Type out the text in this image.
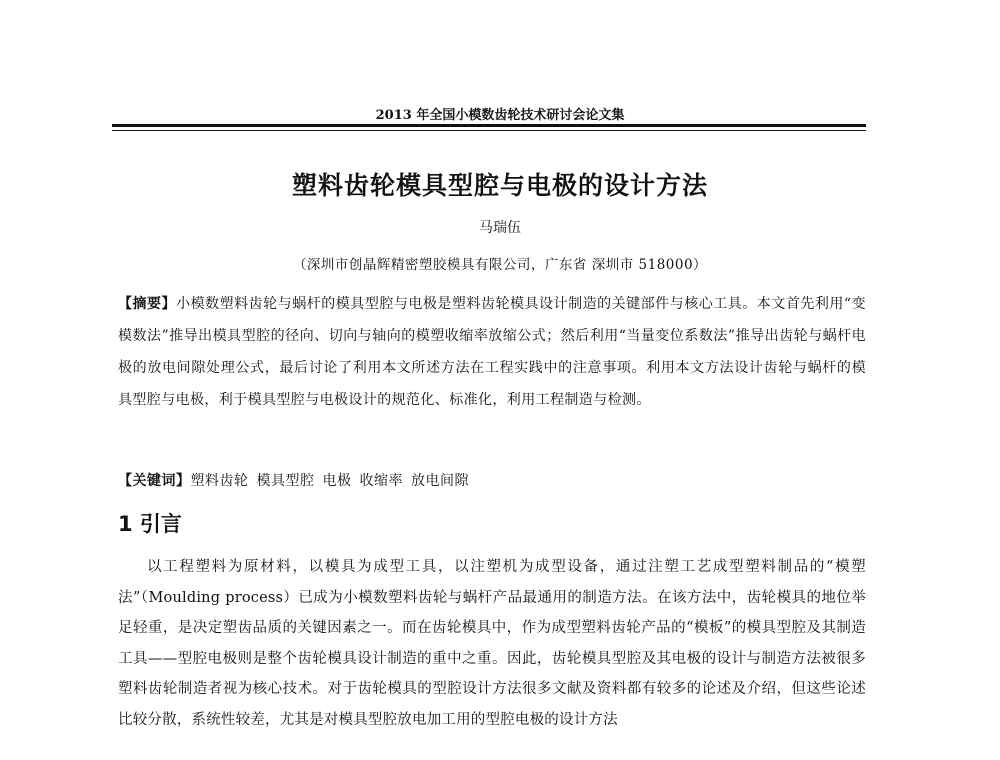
2013 年全国小模数齿轮技术研讨会论文集
塑料齿轮模具型腔与电极的设计方法
马瑞伍
（深圳市创晶辉精密塑胶模具有限公司，广东省 深圳市 518000）
【摘要】小模数塑料齿轮与蜗杆的模具型腔与电极是塑料齿轮模具设计制造的关键部件与核心工具。本文首先利用“变模数法”推导出模具型腔的径向、切向与轴向的模塑收缩率放缩公式；然后利用“当量变位系数法”推导出齿轮与蜗杆电极的放电间隙处理公式，最后讨论了利用本文所述方法在工程实践中的注意事项。利用本文方法设计齿轮与蜗杆的模具型腔与电极，利于模具型腔与电极设计的规范化、标准化，利用工程制造与检测。
【关键词】塑料齿轮 模具型腔 电极 收缩率 放电间隙
1 引言

以工程塑料为原材料，以模具为成型工具，以注塑机为成型设备，通过注塑工艺成型塑料制品的“模塑法”（Moulding process）已成为小模数塑料齿轮与蜗杆产品最通用的制造方法。在该方法中，齿轮模具的地位举足轻重，是决定塑齿品质的关键因素之一。而在齿轮模具中，作为成型塑料齿轮产品的“模板”的模具型腔及其制造工具——型腔电极则是整个齿轮模具设计制造的重中之重。因此，齿轮模具型腔及其电极的设计与制造方法被很多塑料齿轮制造者视为核心技术。对于齿轮模具的型腔设计方法很多文献及资料都有较多的论述及介绍，但这些论述比较分散，系统性较差，尤其是对模具型腔放电加工用的型腔电极的设计方法
